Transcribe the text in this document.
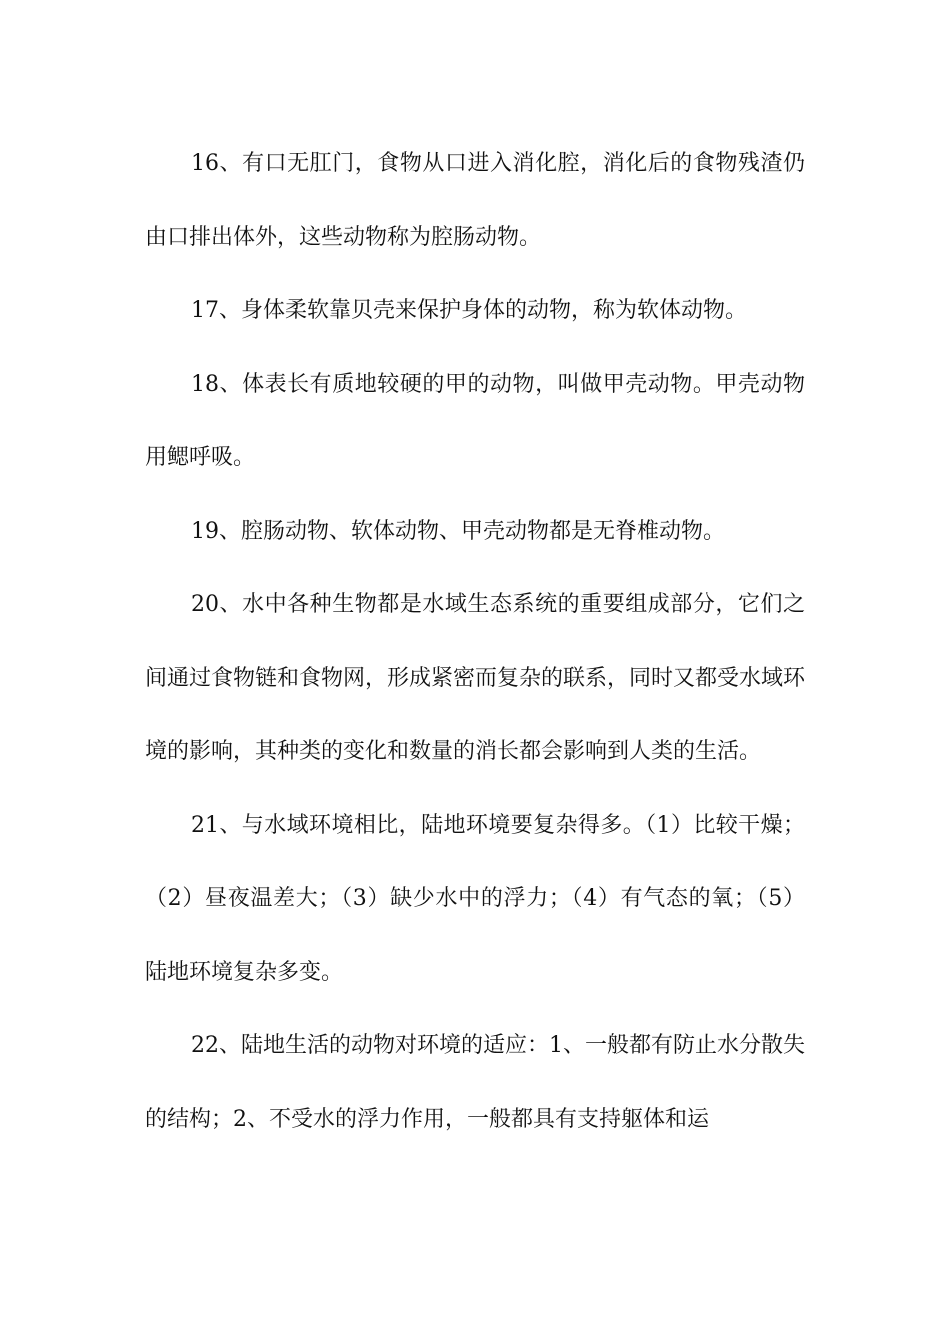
16、有口无肛门，食物从口进入消化腔，消化后的食物残渣仍由口排出体外，这些动物称为腔肠动物。

17、身体柔软靠贝壳来保护身体的动物，称为软体动物。

18、体表长有质地较硬的甲的动物，叫做甲壳动物。甲壳动物用鳃呼吸。

19、腔肠动物、软体动物、甲壳动物都是无脊椎动物。

20、水中各种生物都是水域生态系统的重要组成部分，它们之间通过食物链和食物网，形成紧密而复杂的联系，同时又都受水域环境的影响，其种类的变化和数量的消长都会影响到人类的生活。

21、与水域环境相比，陆地环境要复杂得多。（1）比较干燥；（2）昼夜温差大；（3）缺少水中的浮力；（4）有气态的氧；（5）陆地环境复杂多变。

22、陆地生活的动物对环境的适应：1、一般都有防止水分散失的结构；2、不受水的浮力作用，一般都具有支持躯体和运
